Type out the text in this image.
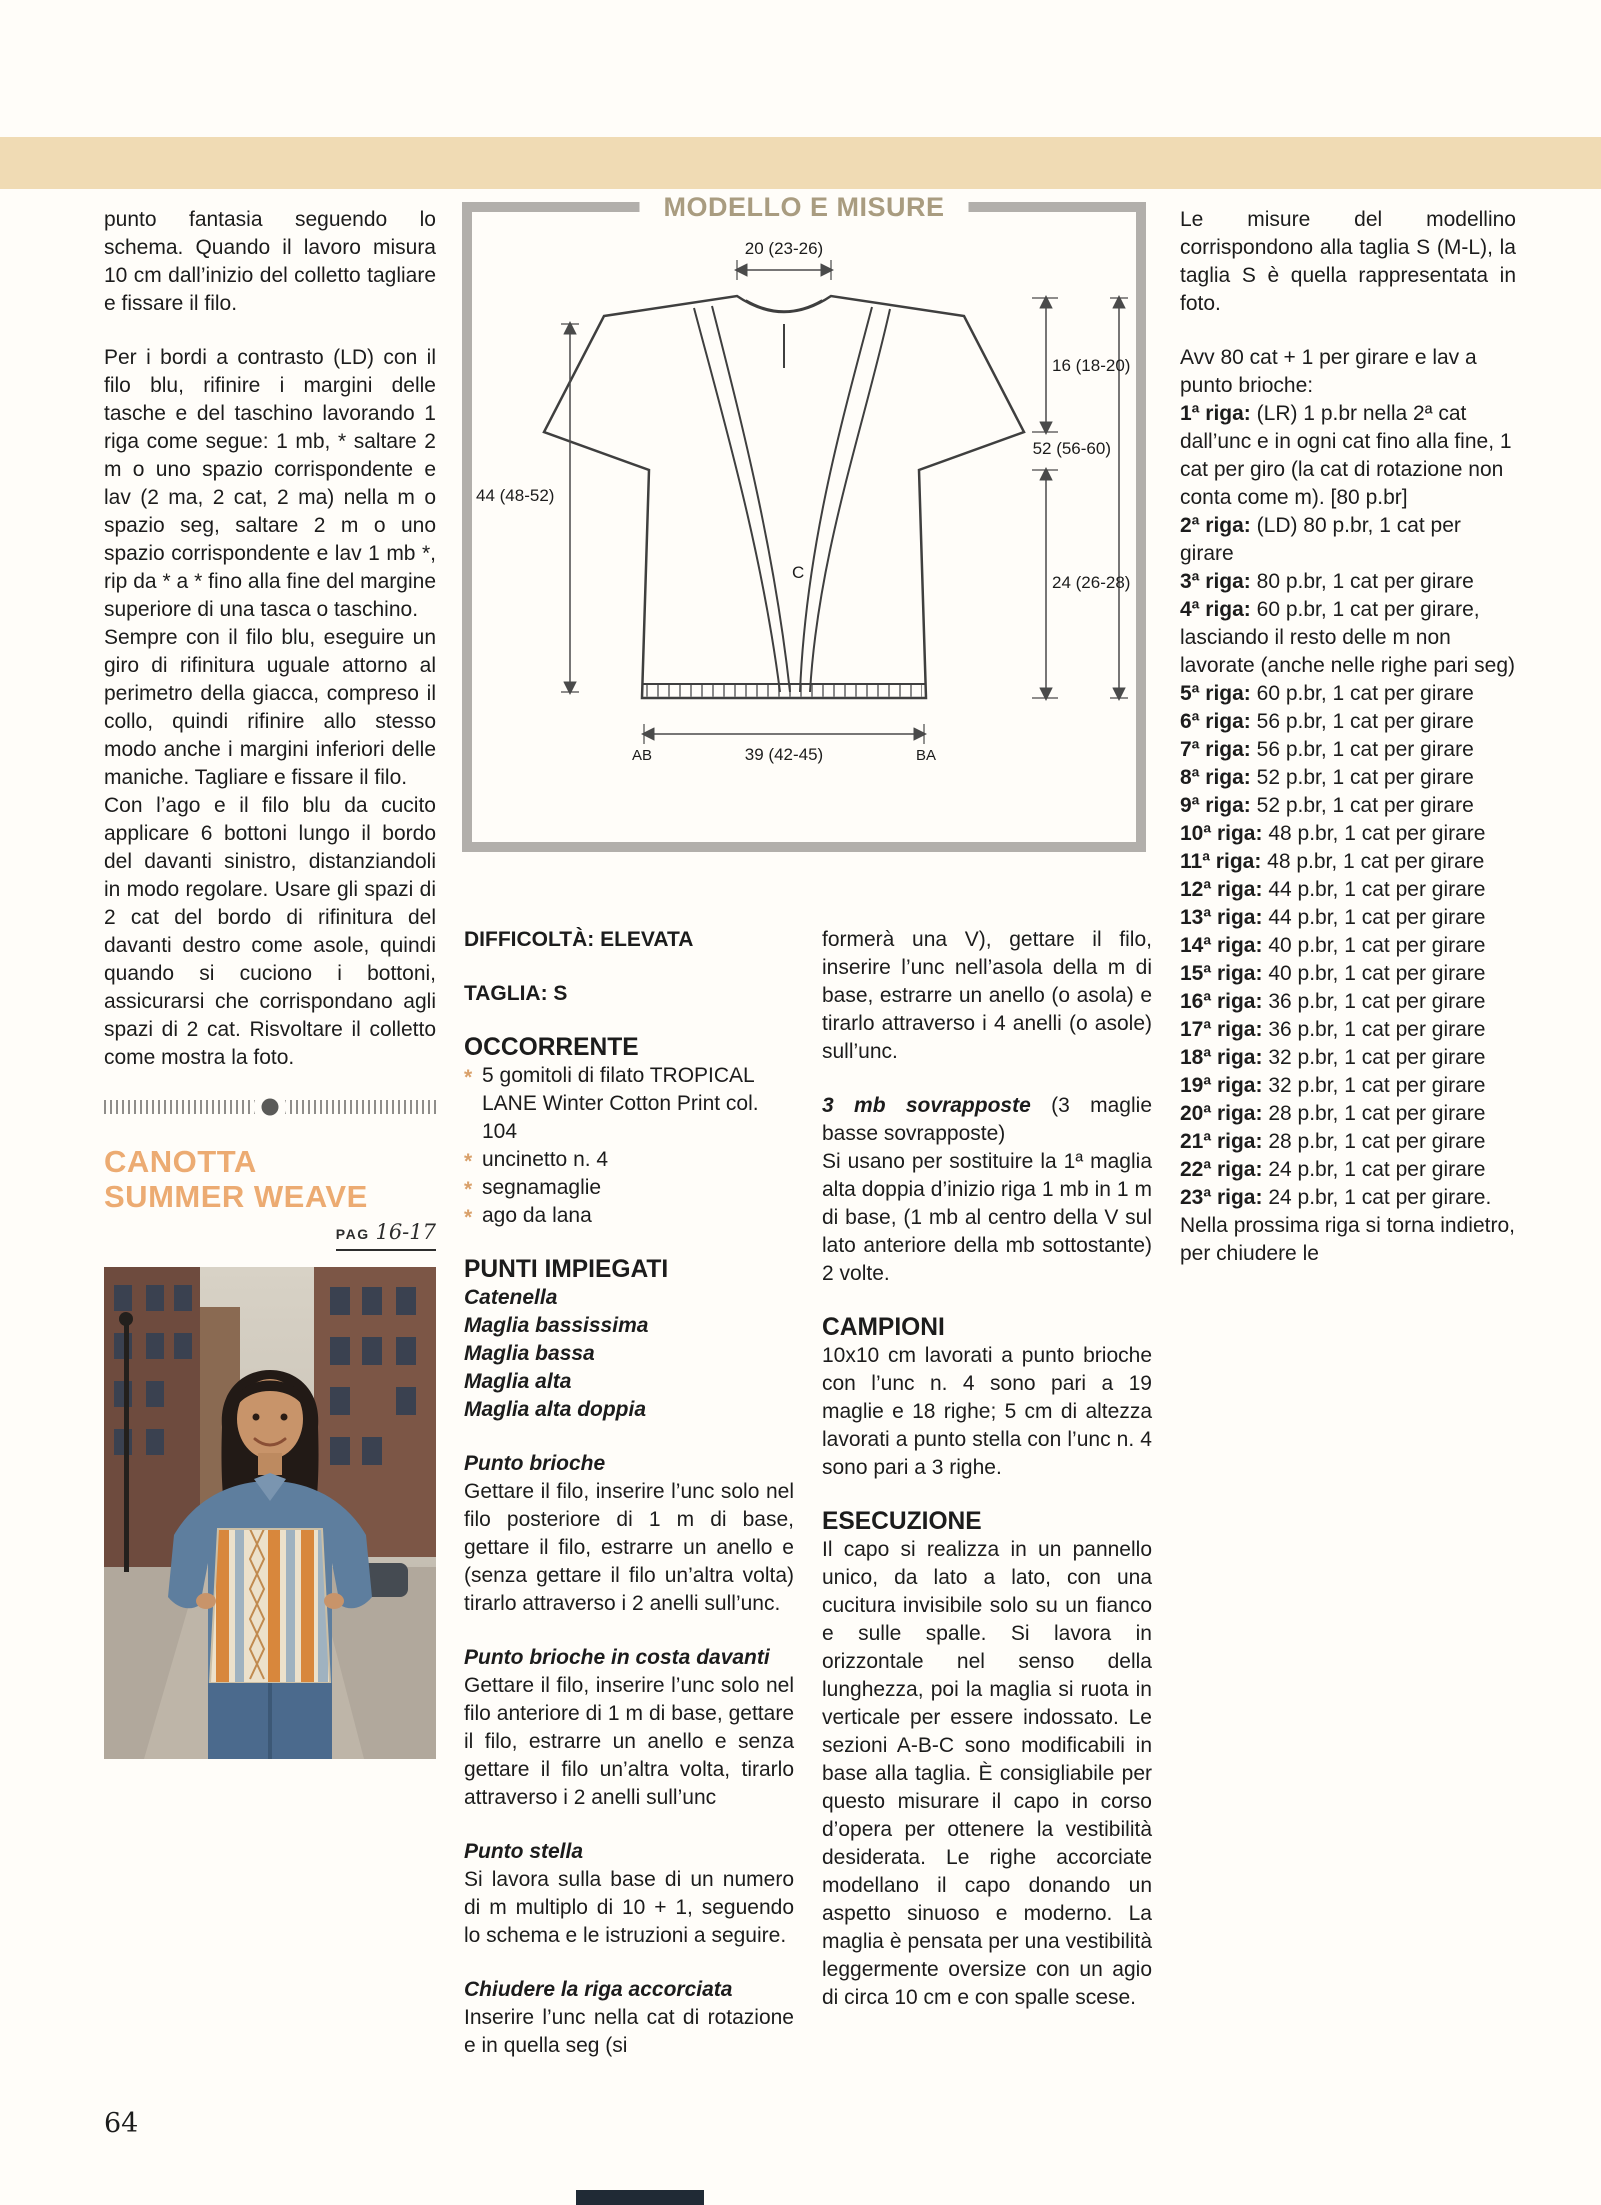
MODELLO E MISURE
20 (23-26)
16 (18-20)
52 (56-60)
24 (26-28)
44 (48-52)
39 (42-45)
AB	BA
C

punto fantasia seguendo lo schema. Quando il lavoro misura 10 cm dall’inizio del colletto tagliare e fissare il filo.

Per i bordi a contrasto (LD) con il filo blu, rifinire i margini delle tasche e del taschino lavorando 1 riga come segue: 1 mb, * saltare 2 m o uno spazio corrispondente e lav (2 ma, 2 cat, 2 ma) nella m o spazio seg, saltare 2 m o uno spazio corrispondente e lav 1 mb *, rip da * a * fino alla fine del margine superiore di una tasca o taschino.

Sempre con il filo blu, eseguire un giro di rifinitura uguale attorno al perimetro della giacca, compreso il collo, quindi rifinire allo stesso modo anche i margini inferiori delle maniche. Tagliare e fissare il filo.

Con l’ago e il filo blu da cucito applicare 6 bottoni lungo il bordo del davanti sinistro, distanziandoli in modo regolare. Usare gli spazi di 2 cat del bordo di rifinitura del davanti destro come asole, quindi quando si cuciono i bottoni, assicurarsi che corrispondano agli spazi di 2 cat. Risvoltare il colletto come mostra la foto.

CANOTTA
SUMMER WEAVE
PAG 16-17

DIFFICOLTÀ: ELEVATA

TAGLIA: S

OCCORRENTE
* 5 gomitoli di filato TROPICAL LANE Winter Cotton Print col. 104
* uncinetto n. 4
* segnamaglie
* ago da lana
PUNTI IMPIEGATI
Catenella
Maglia bassissima
Maglia bassa
Maglia alta
Maglia alta doppia
Punto brioche

Gettare il filo, inserire l’unc solo nel filo posteriore di 1 m di base, gettare il filo, estrarre un anello e (senza gettare il filo un’altra volta) tirarlo attraverso i 2 anelli sull’unc.

Punto brioche in costa davanti

Gettare il filo, inserire l’unc solo nel filo anteriore di 1 m di base, gettare il filo, estrarre un anello e senza gettare il filo un’altra volta, tirarlo attraverso i 2 anelli sull’unc

Punto stella

Si lavora sulla base di un numero di m multiplo di 10 + 1, seguendo lo schema e le istruzioni a seguire.

Chiudere la riga accorciata

Inserire l’unc nella cat di rotazione e in quella seg (si

formerà una V), gettare il filo, inserire l’unc nell’asola della m di base, estrarre un anello (o asola) e tirarlo attraverso i 4 anelli (o asole) sull’unc.

3 mb sovrapposte (3 maglie basse sovrapposte)

Si usano per sostituire la 1ª maglia alta doppia d’inizio riga 1 mb in 1 m di base, (1 mb al centro della V sul lato anteriore della mb sottostante) 2 volte.

CAMPIONI

10x10 cm lavorati a punto brioche con l’unc n. 4 sono pari a 19 maglie e 18 righe; 5 cm di altezza lavorati a punto stella con l’unc n. 4 sono pari a 3 righe.

ESECUZIONE

Il capo si realizza in un pannello unico, da lato a lato, con una cucitura invisibile solo su un fianco e sulle spalle. Si lavora in orizzontale nel senso della lunghezza, poi la maglia si ruota in verticale per essere indossato. Le sezioni A-B-C sono modificabili in base alla taglia. È consigliabile per questo misurare il capo in corso d’opera per ottenere la vestibilità desiderata. Le righe accorciate modellano il capo donando un aspetto sinuoso e moderno. La maglia è pensata per una vestibilità leggermente oversize con un agio di circa 10 cm e con spalle scese.

Le misure del modellino corrispondono alla taglia S (M-L), la taglia S è quella rappresentata in foto.

Avv 80 cat + 1 per girare e lav a punto brioche:

1ª riga: (LR) 1 p.br nella 2ª cat dall’unc e in ogni cat fino alla fine, 1 cat per giro (la cat di rotazione non conta come m). [80 p.br]

2ª riga: (LD) 80 p.br, 1 cat per girare

3ª riga: 80 p.br, 1 cat per girare

4ª riga: 60 p.br, 1 cat per girare, lasciando il resto delle m non lavorate (anche nelle righe pari seg)

5ª riga: 60 p.br, 1 cat per girare

6ª riga: 56 p.br, 1 cat per girare

7ª riga: 56 p.br, 1 cat per girare

8ª riga: 52 p.br, 1 cat per girare

9ª riga: 52 p.br, 1 cat per girare

10ª riga: 48 p.br, 1 cat per girare

11ª riga: 48 p.br, 1 cat per girare

12ª riga: 44 p.br, 1 cat per girare

13ª riga: 44 p.br, 1 cat per girare

14ª riga: 40 p.br, 1 cat per girare

15ª riga: 40 p.br, 1 cat per girare

16ª riga: 36 p.br, 1 cat per girare

17ª riga: 36 p.br, 1 cat per girare

18ª riga: 32 p.br, 1 cat per girare

19ª riga: 32 p.br, 1 cat per girare

20ª riga: 28 p.br, 1 cat per girare

21ª riga: 28 p.br, 1 cat per girare

22ª riga: 24 p.br, 1 cat per girare

23ª riga: 24 p.br, 1 cat per girare.

Nella prossima riga si torna indietro, per chiudere le

64
